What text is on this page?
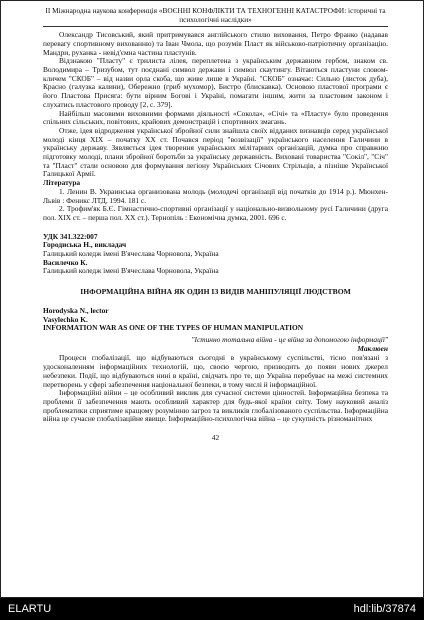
II Міжнародна наукова конференція «ВОЄННІ КОНФЛІКТИ ТА ТЕХНОГЕННІ КАТАСТРОФИ: історичні та психологічні наслідки»

Олександр Тисовський, який притримувався англійського стилю виховання, Петро Франко (надавав перевагу спортивному вихованню) та Іван Чмола, що розумів Пласт як військово-патріотичну організацію. Мандри, руханка - невід'ємна частина пластунів.

Відзнакою "Пласту" є трилиста лілея, переплетена з українським державним гербом, знаком св. Володимира – Тризубом, тут поєднані символ держави і символ скаутингу. Вітаються пластуни словом-кличем "СКОБ" – від назви орла скоба, що живе лише в Україні. "СКОБ" означає: Сильно (листок дуба), Красно (галузка калини), Обережно (гриб мухомор), Бистро (блискавка). Основою пластової програми є його Пластова Присяга: бути вірним Богові і Україні, помагати іншим, жити за пластовим законом і слухатись пластового проводу [2, с. 379].

Найбільш масовими виховними формами діяльності «Сокола», «Січі» та «Пласту» було проведення спільних сільських, повітових, крайових демонстрацій і спортивних змагань.

Отже, ідея відродження української збройної сили знайшла своїх відданих визнавців серед української молоді кінця ХІХ – початку ХХ ст. Почався період "возвізації" українського населення Галичини в українську державу. Зявляється ідея творення українських мілітарних організацій, думка про справжню підготовку молоді, плани збройної боротьби за українську державність. Виховані товариства "Сокіл", "Січ" та "Пласт" стали основою для формування легіону Українських Січових Стрільців, а пізніше Української Галицької Армії.

Література

1. Ленин В. Украинська организована молодь (молодечі організації від початків до 1914 р.). Мюнхен-Львів : Феникс ЛТД, 1994. 181 с.

2. Трофим'як Б.Є. Гімнастично-спортивні організації у національно-визвольному русі Галичини (друга пол. ХІХ ст. – перша пол. ХХ ст.). Тернопіль : Економічна думка, 2001. 696 с.

УДК 341.322:007

Городиська Н., викладач

Галицький коледж імені В'ячеслава Чорновола, Україна

Василечко К.

Галицький коледж імені В'ячеслава Чорновола, Україна

ІНФОРМАЦІЙНА ВІЙНА ЯК ОДИН ІЗ ВИДІВ МАНІПУЛЯЦІЇ ЛЮДСТВОМ

Horodyska N., lector

Vasylechko K.

INFORMATION WAR AS ONE OF THE TYPES OF HUMAN MANIPULATION

"Істинно тотальна війна - це війна за допомогою інформації"

Маклюен

Процеси глобалізації, що відбуваються сьогодні в українському суспільстві, тісно пов'язані з удосконаленням інформаційних технологій, що, своєю чергою, призводить до появи нових джерел небезпеки. Події, що відбуваються нині в країні, свідчать про те, що Україна перебуває на межі системних перетворень у сфері забезпечення національної безпеки, в тому числі й інформаційної.

Інформаційні війни – це особливий виклик для сучасної системи цінностей. Інформаційна безпека та проблеми її забезпечення мають особливий характер для будь-якої країни світу. Тому науковий аналіз проблематики сприятиме кращому розумінню загроз та викликів глобалізованого суспільства. Інформаційна війна це сучасне глобалізаційне явище. Інформаційно-психологічна війна – це сукупність різноманітних

42
ELARTU	hdl:lib/37874
